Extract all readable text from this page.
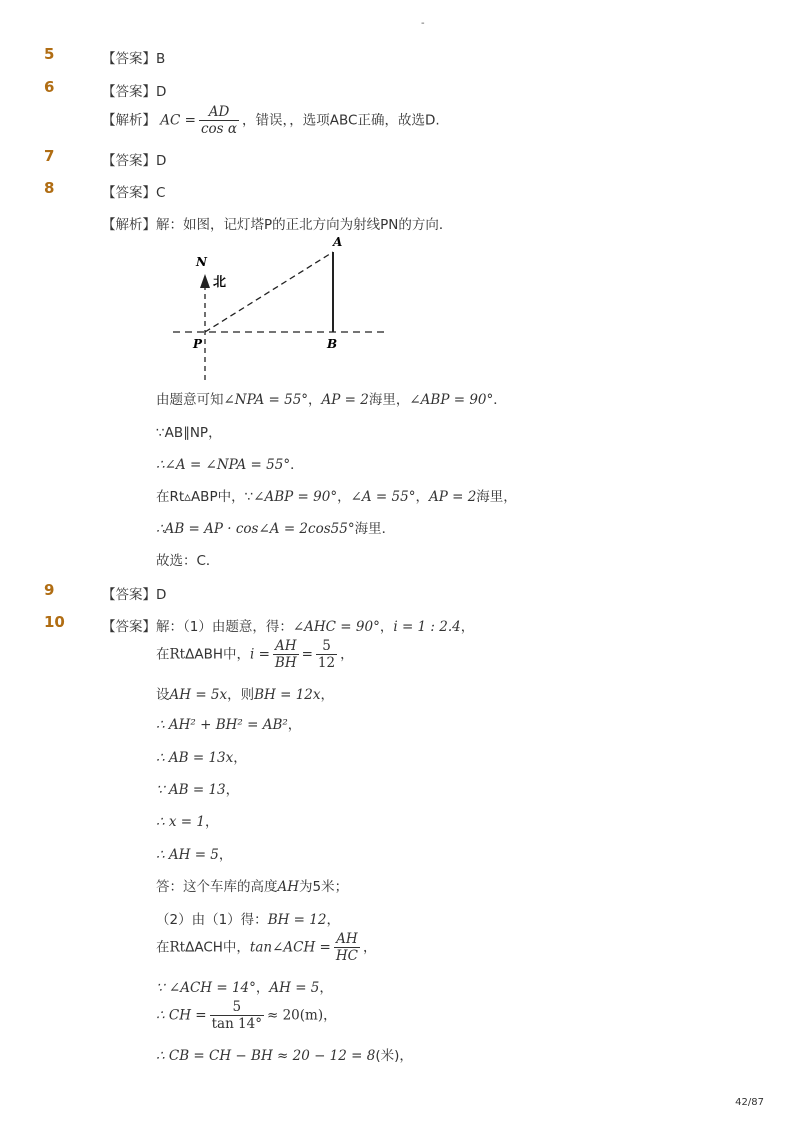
-
5	【答案】B
6	【答案】D
【解析】 AC = $\frac{AD}{\text{cos α}}$ ，错误，，选项ABC正确，故选D.
7	【答案】D
8	【答案】C
【解析】解：如图，记灯塔P的正北方向为射线PN的方向．
N
北
A
P	B
由题意可知∠NPA = 55°，AP = 2海里，∠ABP = 90°．
∵AB∥NP，
∴∠A = ∠NPA = 55°．
在Rt▵ABP中，∵∠ABP = 90°，∠A = 55°，AP = 2海里，
∴AB = AP · cos∠A = 2cos55°海里．
故选：C．
9	【答案】D
10	【答案】解：（1）由题意，得：∠AHC = 90°，i = 1 : 2.4，
在RtΔABH中，$i = \frac{AH}{BH} = \frac{5}{12}$ ，
设AH = 5x，则BH = 12x，
∴ AH² + BH² = AB²，
∴ AB = 13x，
∵ AB = 13，
∴ x = 1，
∴ AH = 5，
答：这个车库的高度AH为5米；
（2）由（1）得：BH = 12，
在RtΔACH中，tan∠ACH = $\frac{AH}{HC}$ ，
∵ ∠ACH = 14°，AH = 5，
∴ CH = $\frac{5}{\tan 14^\circ} \approx 20(m)$，
∴ CB = CH − BH ≈ 20 − 12 = 8(米)，
42/87
